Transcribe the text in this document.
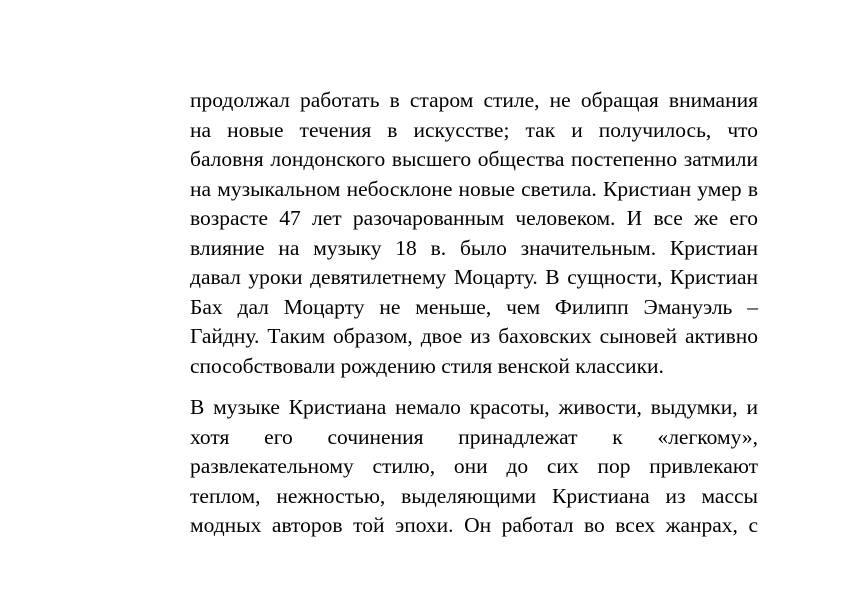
продолжал работать в старом стиле, не обращая внимания
на новые течения в искусстве; так и получилось, что
баловня лондонского высшего общества постепенно затмили
на музыкальном небосклоне новые светила. Кристиан умер в
возрасте 47 лет разочарованным человеком. И все же его
влияние на музыку 18 в. было значительным. Кристиан
давал уроки девятилетнему Моцарту. В сущности, Кристиан
Бах дал Моцарту не меньше, чем Филипп Эмануэль –
Гайдну. Таким образом, двое из баховских сыновей активно
способствовали рождению стиля венской классики.
В музыке Кристиана немало красоты, живости, выдумки, и
хотя его сочинения принадлежат к «легкому»,
развлекательному стилю, они до сих пор привлекают
теплом, нежностью, выделяющими Кристиана из массы
модных авторов той эпохи. Он работал во всех жанрах, с
